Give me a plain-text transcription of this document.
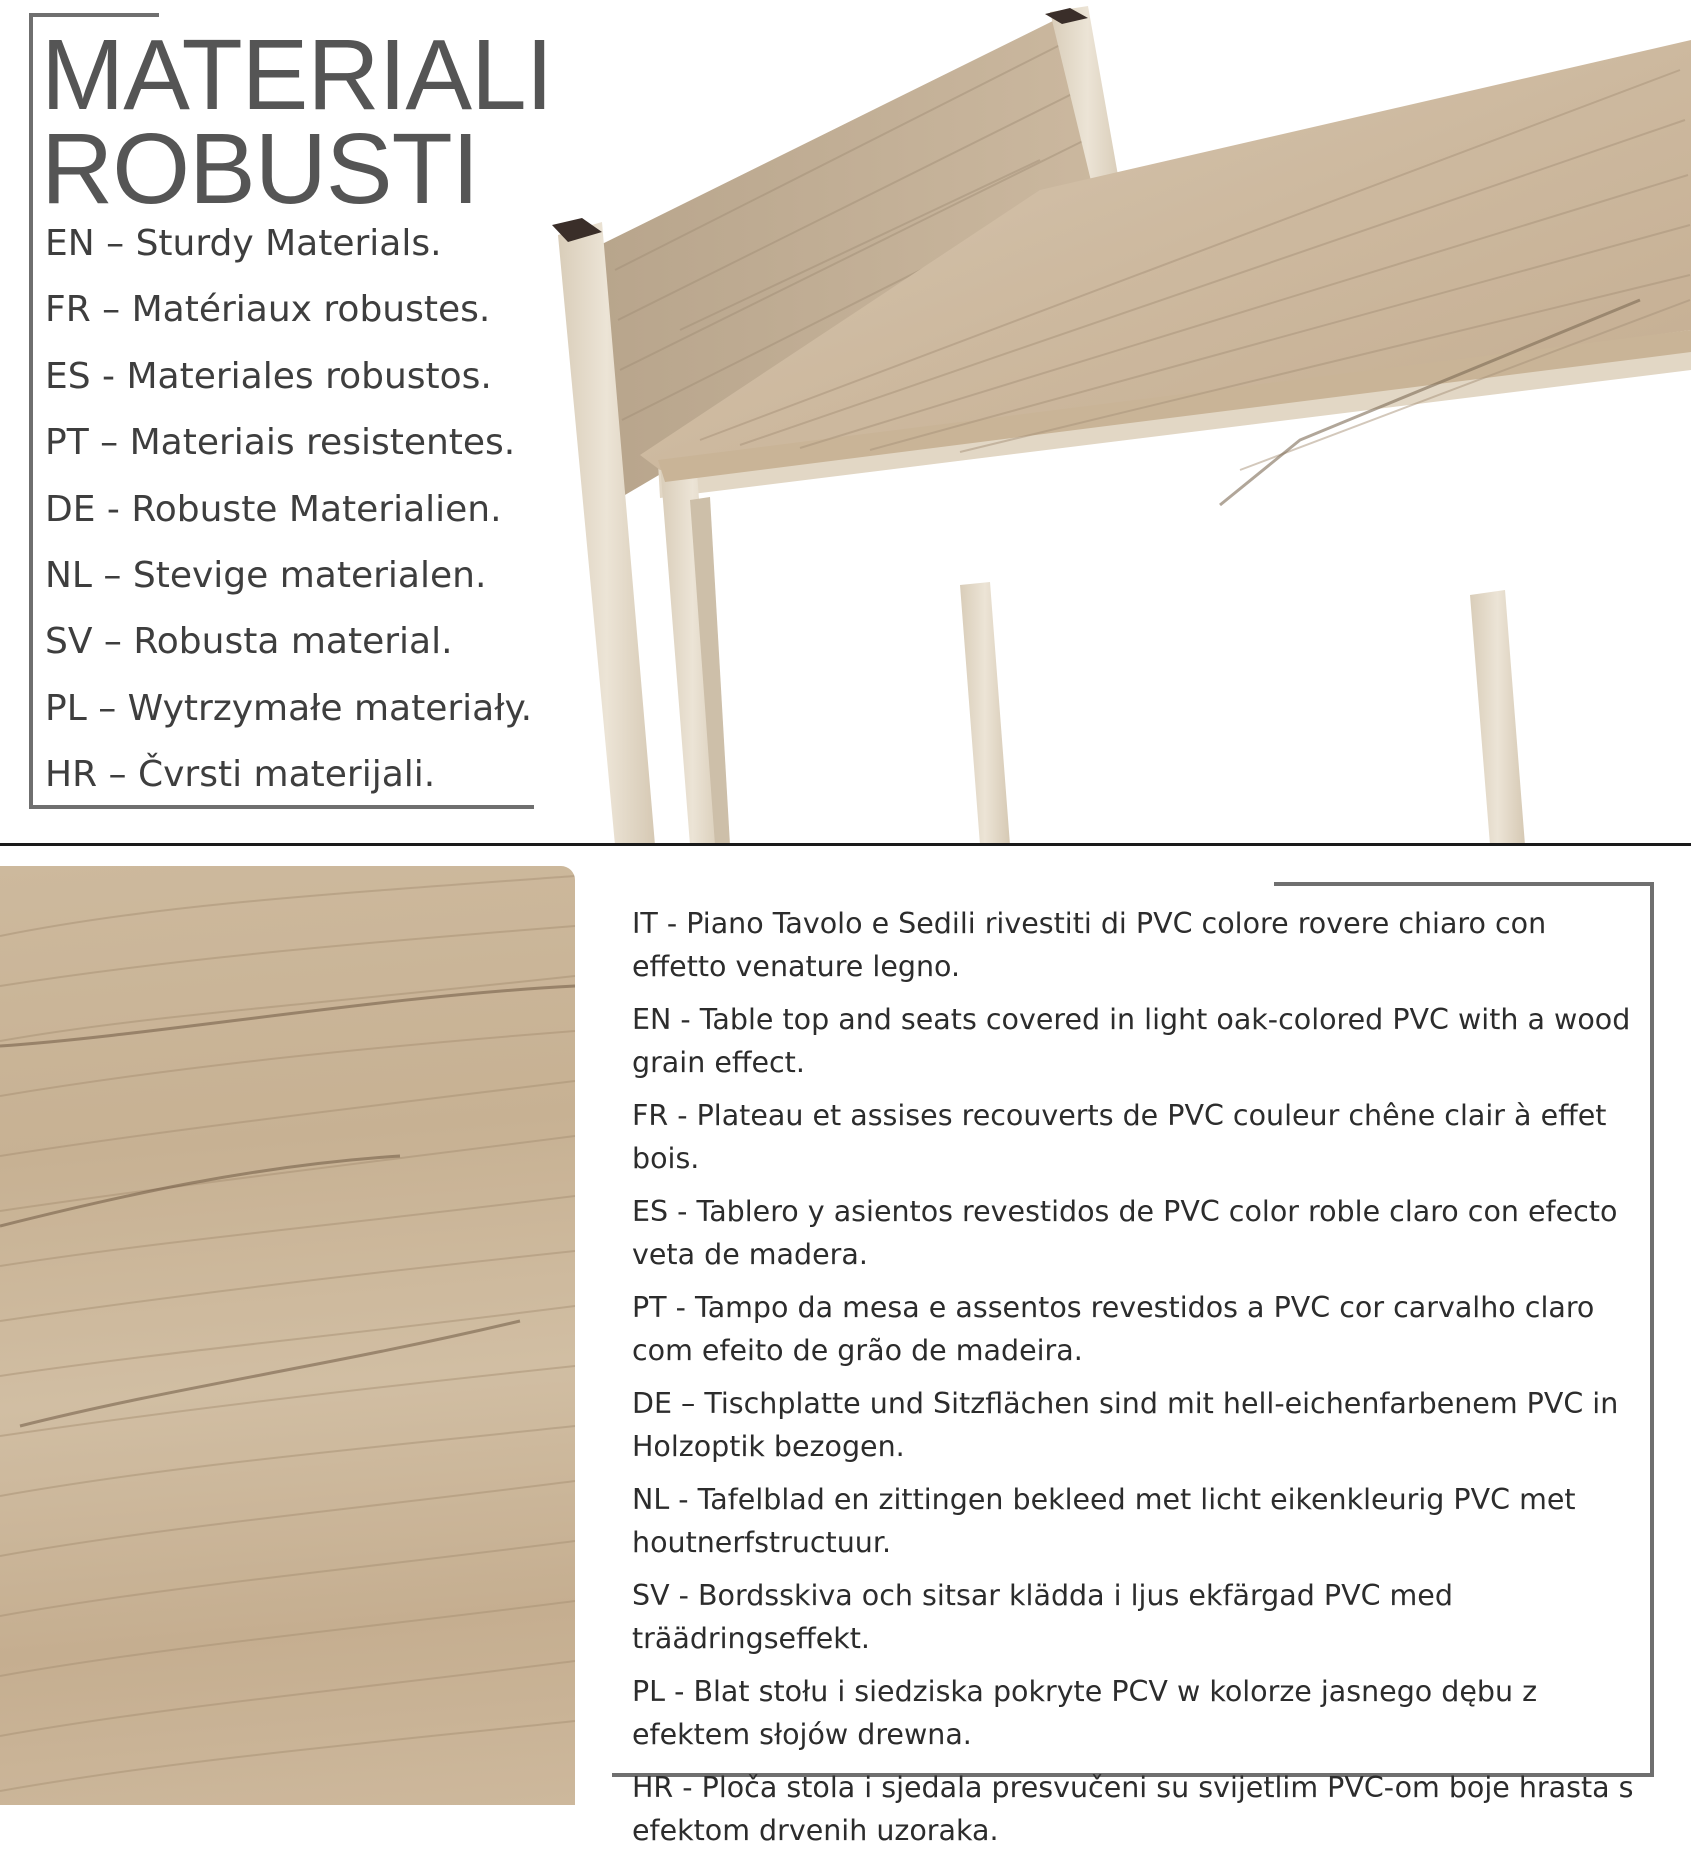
MATERIALI
ROBUSTI
EN – Sturdy Materials.
FR – Matériaux robustes.
ES - Materiales robustos.
PT – Materiais resistentes.
DE - Robuste Materialien.
NL – Stevige materialen.
SV – Robusta material.
PL – Wytrzymałe materiały.
HR – Čvrsti materijali.
IT - Piano Tavolo e Sedili rivestiti di PVC colore rovere chiaro con effetto venature legno.
EN - Table top and seats covered in light oak-colored PVC with a wood grain effect.
FR - Plateau et assises recouverts de PVC couleur chêne clair à effet bois.
ES - Tablero y asientos revestidos de PVC color roble claro con efecto veta de madera.
PT - Tampo da mesa e assentos revestidos a PVC cor carvalho claro com efeito de grão de madeira.
DE – Tischplatte und Sitzflächen sind mit hell-eichenfarbenem PVC in Holzoptik bezogen.
NL - Tafelblad en zittingen bekleed met licht eikenkleurig PVC met houtnerfstructuur.
SV - Bordsskiva och sitsar klädda i ljus ekfärgad PVC med träädringseffekt.
PL - Blat stołu i siedziska pokryte PCV w kolorze jasnego dębu z efektem słojów drewna.
HR - Ploča stola i sjedala presvučeni su svijetlim PVC-om boje hrasta s efektom drvenih uzoraka.
